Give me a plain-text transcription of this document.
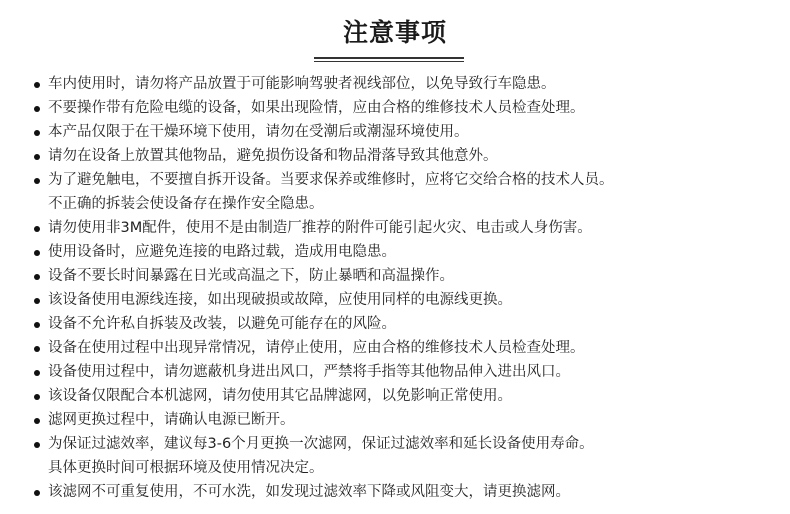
注意事项
车内使用时，请勿将产品放置于可能影响驾驶者视线部位，以免导致行车隐患。
不要操作带有危险电缆的设备，如果出现险情，应由合格的维修技术人员检查处理。
本产品仅限于在干燥环境下使用，请勿在受潮后或潮湿环境使用。
请勿在设备上放置其他物品，避免损伤设备和物品滑落导致其他意外。
为了避免触电，不要擅自拆开设备。当要求保养或维修时，应将它交给合格的技术人员。
不正确的拆装会使设备存在操作安全隐患。
请勿使用非3M配件，使用不是由制造厂推荐的附件可能引起火灾、电击或人身伤害。
使用设备时，应避免连接的电路过载，造成用电隐患。
设备不要长时间暴露在日光或高温之下，防止暴晒和高温操作。
该设备使用电源线连接，如出现破损或故障，应使用同样的电源线更换。
设备不允许私自拆装及改装，以避免可能存在的风险。
设备在使用过程中出现异常情况，请停止使用，应由合格的维修技术人员检查处理。
设备使用过程中，请勿遮蔽机身进出风口，严禁将手指等其他物品伸入进出风口。
该设备仅限配合本机滤网，请勿使用其它品牌滤网，以免影响正常使用。
滤网更换过程中，请确认电源已断开。
为保证过滤效率，建议每3-6个月更换一次滤网，保证过滤效率和延长设备使用寿命。
具体更换时间可根据环境及使用情况决定。
该滤网不可重复使用，不可水洗，如发现过滤效率下降或风阻变大，请更换滤网。
